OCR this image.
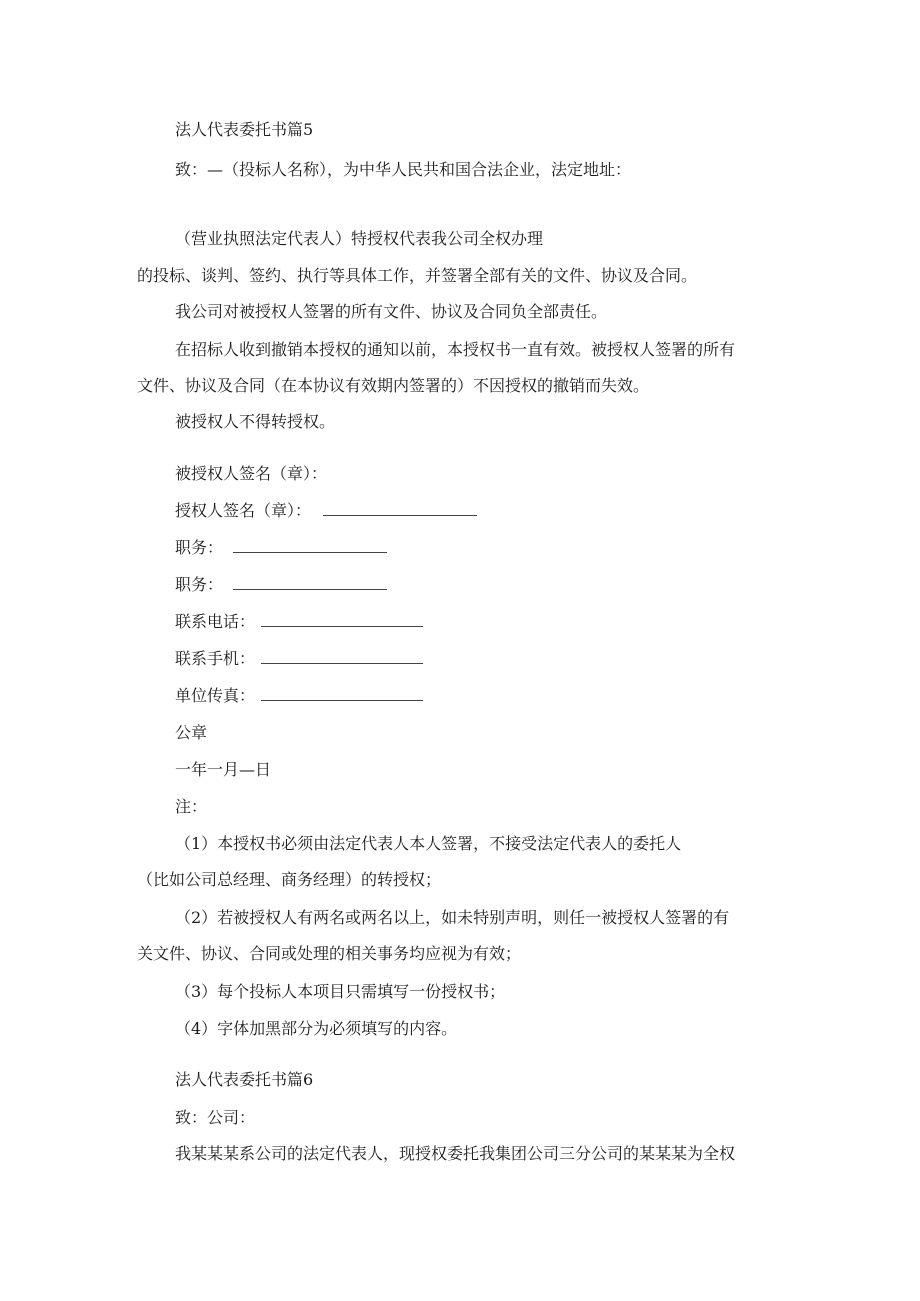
法人代表委托书篇5
致：—（投标人名称），为中华人民共和国合法企业，法定地址：
（营业执照法定代表人）特授权代表我公司全权办理
的投标、谈判、签约、执行等具体工作，并签署全部有关的文件、协议及合同。
我公司对被授权人签署的所有文件、协议及合同负全部责任。
在招标人收到撤销本授权的通知以前，本授权书一直有效。被授权人签署的所有
文件、协议及合同（在本协议有效期内签署的）不因授权的撤销而失效。
被授权人不得转授权。
被授权人签名（章）：
授权人签名（章）：
职务：
职务：
联系电话：
联系手机：
单位传真：
公章
一年一月—日
注：
（1）本授权书必须由法定代表人本人签署，不接受法定代表人的委托人
（比如公司总经理、商务经理）的转授权；
（2）若被授权人有两名或两名以上，如未特别声明，则任一被授权人签署的有
关文件、协议、合同或处理的相关事务均应视为有效；
（3）每个投标人本项目只需填写一份授权书；
（4）字体加黑部分为必须填写的内容。
法人代表委托书篇6
致：公司：
我某某某系公司的法定代表人，现授权委托我集团公司三分公司的某某某为全权
